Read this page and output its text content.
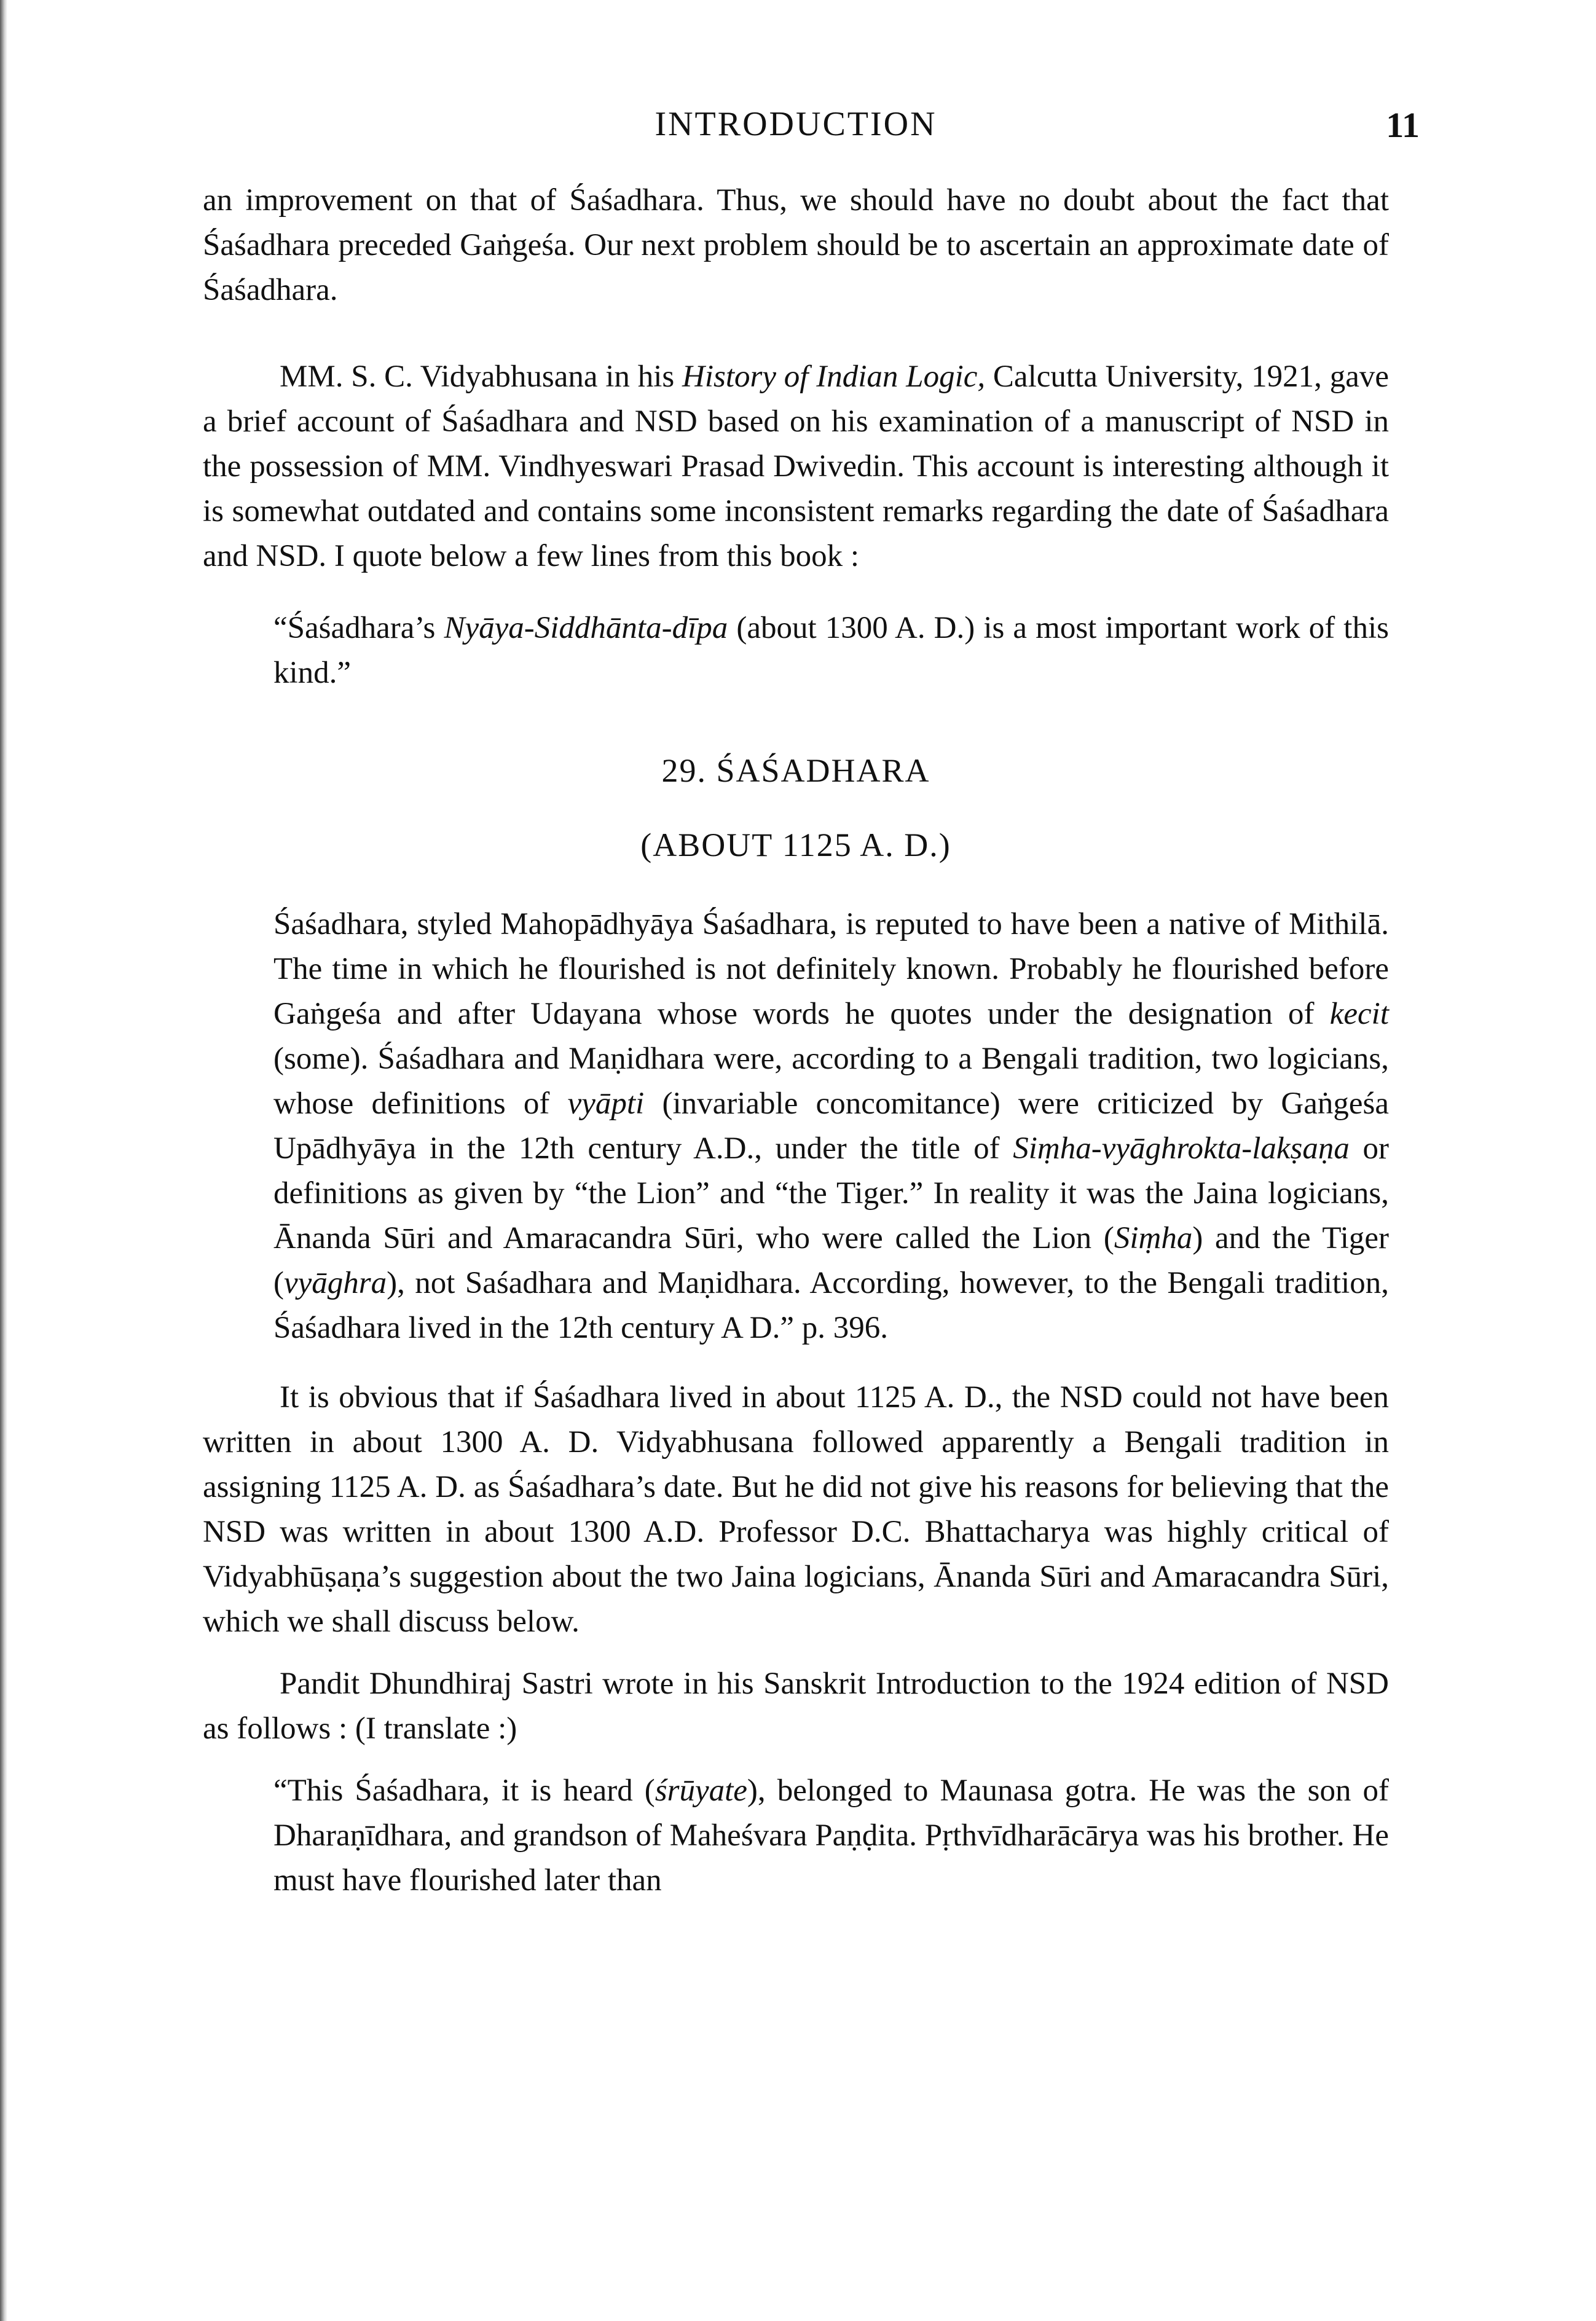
INTRODUCTION	11

an improvement on that of Śaśadhara. Thus, we should have no doubt about the fact that Śaśadhara preceded Gaṅgeśa. Our next problem should be to ascertain an approximate date of Śaśadhara.

MM. S. C. Vidyabhusana in his History of Indian Logic, Calcutta University, 1921, gave a brief account of Śaśadhara and NSD based on his examination of a manuscript of NSD in the possession of MM. Vindhyeswari Prasad Dwivedin. This account is interesting although it is somewhat outdated and contains some inconsistent remarks regarding the date of Śaśadhara and NSD. I quote below a few lines from this book :

“Śaśadhara’s Nyāya-Siddhānta-dīpa (about 1300 A. D.) is a most important work of this kind.”

29. ŚAŚADHARA
(ABOUT 1125 A. D.)

Śaśadhara, styled Mahopādhyāya Śaśadhara, is reputed to have been a native of Mithilā. The time in which he flourished is not definitely known. Probably he flourished before Gaṅgeśa and after Udayana whose words he quotes under the designation of kecit (some). Śaśadhara and Maṇidhara were, according to a Bengali tradition, two logicians, whose definitions of vyāpti (invariable concomitance) were criticized by Gaṅgeśa Upādhyāya in the 12th century A.D., under the title of Siṃha-vyāghrokta-lakṣaṇa or definitions as given by “the Lion” and “the Tiger.” In reality it was the Jaina logicians, Ānanda Sūri and Amaracandra Sūri, who were called the Lion (Siṃha) and the Tiger (vyāghra), not Saśadhara and Maṇidhara. According, however, to the Bengali tradition, Śaśadhara lived in the 12th century A D.” p. 396.

It is obvious that if Śaśadhara lived in about 1125 A. D., the NSD could not have been written in about 1300 A. D. Vidyabhusana followed apparently a Bengali tradition in assigning 1125 A. D. as Śaśadhara’s date. But he did not give his reasons for believing that the NSD was written in about 1300 A.D. Professor D.C. Bhattacharya was highly critical of Vidyabhūṣaṇa’s suggestion about the two Jaina logicians, Ānanda Sūri and Amaracandra Sūri, which we shall discuss below.

Pandit Dhundhiraj Sastri wrote in his Sanskrit Introduction to the 1924 edition of NSD as follows : (I translate :)

“This Śaśadhara, it is heard (śrūyate), belonged to Maunasa gotra. He was the son of Dharaṇīdhara, and grandson of Maheśvara Paṇḍita. Pṛthvīdharācārya was his brother. He must have flourished later than
